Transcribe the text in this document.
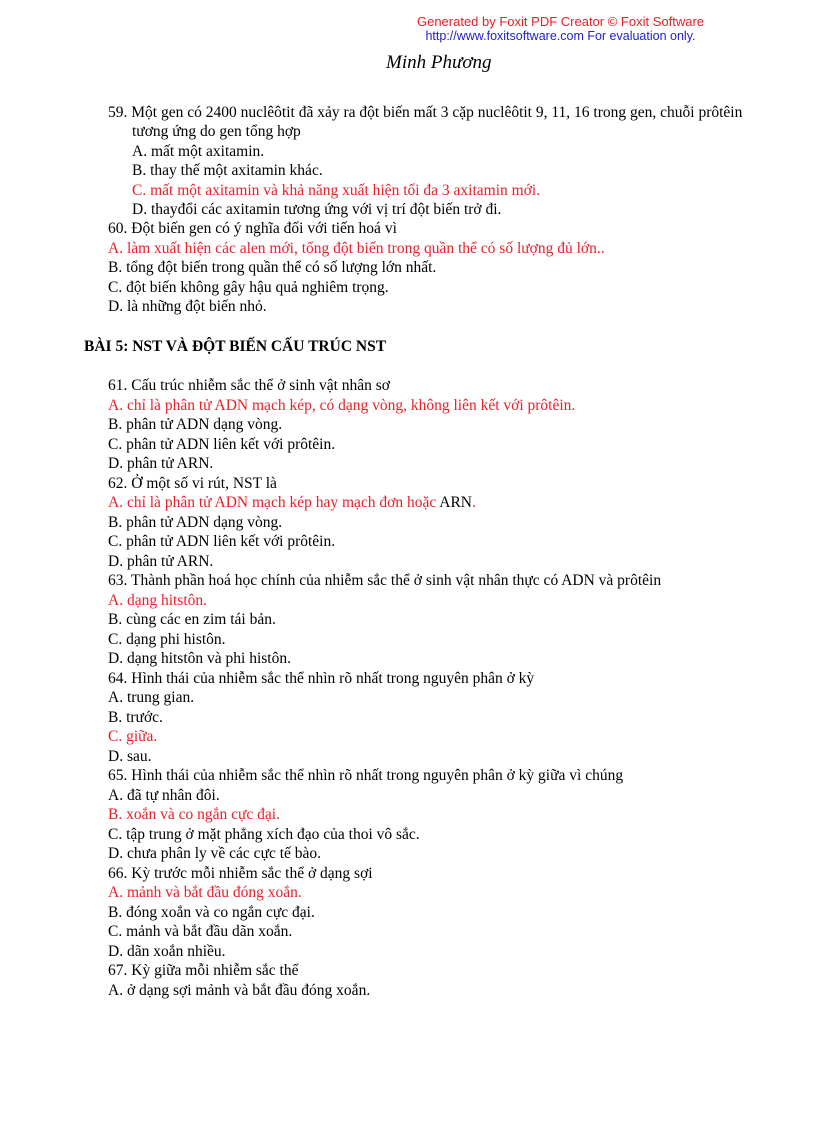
Generated by Foxit PDF Creator © Foxit Software
http://www.foxitsoftware.com For evaluation only.
Minh Phương
59. Một gen có 2400 nuclêôtit đã xảy ra đột biến mất 3 cặp nuclêôtit 9, 11, 16 trong gen, chuỗi prôtêin
tương ứng do gen tổng hợp
A. mất một axitamin.
B. thay thế một axitamin khác.
C. mất một axitamin và khả năng xuất hiện tối đa 3 axitamin mới.
D. thayđổi các axitamin tương ứng với vị trí đột biến trở đi.
60. Đột biến gen có ý nghĩa đối với tiến hoá vì
A. làm xuất hiện các alen mới, tổng đột biến trong quần thể có số lượng đủ lớn..
B. tổng đột biến trong quần thể có số lượng lớn nhất.
C. đột biến không gây hậu quả nghiêm trọng.
D. là những đột biến nhỏ.
BÀI 5: NST VÀ ĐỘT BIẾN CẤU TRÚC NST
61. Cấu trúc nhiễm sắc thể ở sinh vật nhân sơ
A. chỉ là phân tử ADN mạch kép, có dạng vòng, không liên kết với prôtêin.
B. phân tử ADN dạng vòng.
C. phân tử ADN liên kết với prôtêin.
D. phân tử ARN.
62. Ở một số vi rút, NST là
A. chỉ là phân tử ADN mạch kép hay mạch đơn hoặc ARN.
B. phân tử ADN dạng vòng.
C. phân tử ADN liên kết với prôtêin.
D. phân tử ARN.
63. Thành phần hoá học chính của nhiễm sắc thể ở sinh vật nhân thực có ADN và prôtêin
A. dạng hitstôn.
B. cùng các en zim tái bản.
C. dạng phi histôn.
D. dạng hitstôn và phi histôn.
64. Hình thái của nhiễm sắc thể nhìn rõ nhất trong nguyên phân ở kỳ
A. trung gian.
B. trước.
C. giữa.
D. sau.
65. Hình thái của nhiễm sắc thể nhìn rõ nhất trong nguyên phân ở kỳ giữa vì chúng
A. đã tự nhân đôi.
B. xoắn và co ngắn cực đại.
C. tập trung ở mặt phẳng xích đạo của thoi vô sắc.
D. chưa phân ly về các cực tế bào.
66. Kỳ trước mỗi nhiễm sắc thể ở dạng sợi
A. mảnh và bắt đầu đóng xoắn.
B. đóng xoắn và co ngắn cực đại.
C. mảnh và bắt đầu dãn xoắn.
D. dãn xoắn nhiều.
67. Kỳ giữa mỗi nhiễm sắc thể
A. ở dạng sợi mảnh và bắt đầu đóng xoắn.
